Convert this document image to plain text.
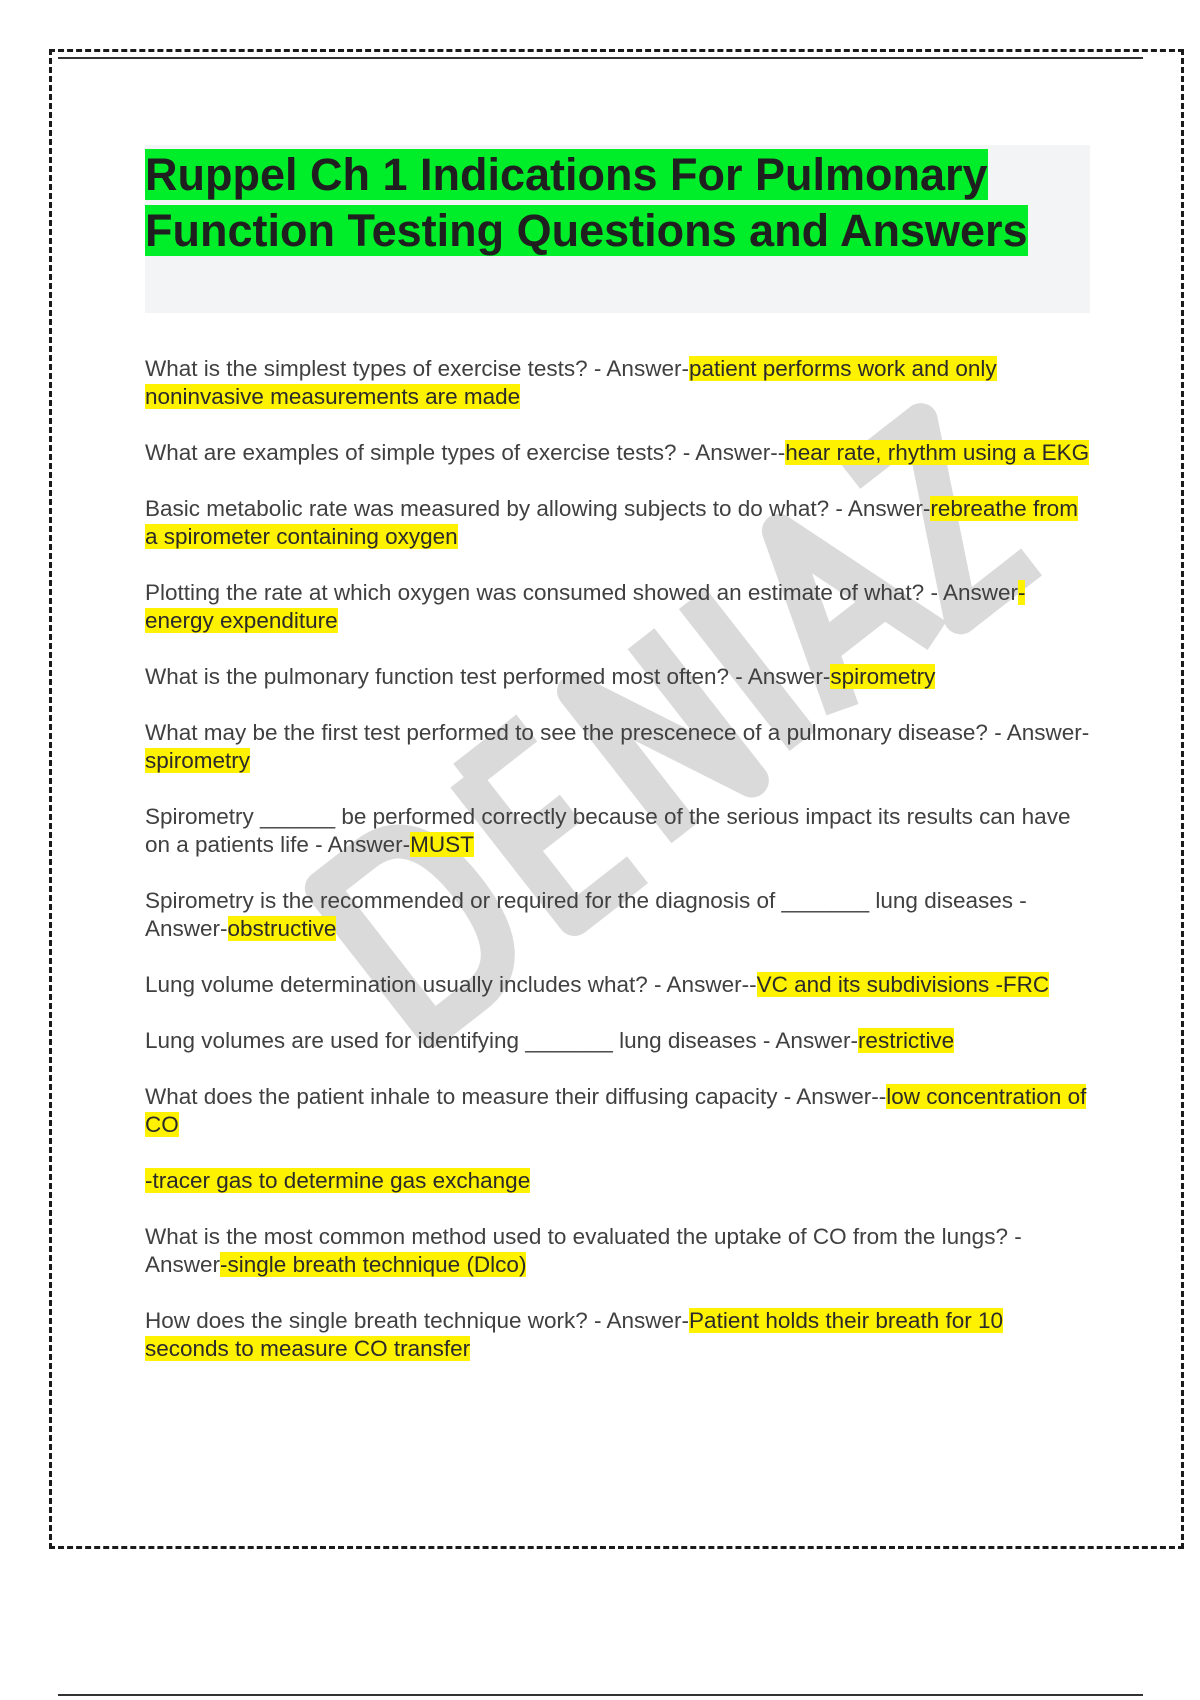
Ruppel Ch 1 Indications For Pulmonary Function Testing Questions and Answers

What is the simplest types of exercise tests? - Answer-patient performs work and only noninvasive measurements are made

What are examples of simple types of exercise tests? - Answer--hear rate, rhythm using a EKG

Basic metabolic rate was measured by allowing subjects to do what? - Answer-rebreathe from a spirometer containing oxygen

Plotting the rate at which oxygen was consumed showed an estimate of what? - Answer-energy expenditure

What is the pulmonary function test performed most often? - Answer-spirometry

What may be the first test performed to see the prescenece of a pulmonary disease? - Answer-spirometry

Spirometry ______ be performed correctly because of the serious impact its results can have on a patients life - Answer-MUST

Spirometry is the recommended or required for the diagnosis of _______ lung diseases - Answer-obstructive

Lung volume determination usually includes what? - Answer--VC and its subdivisions -FRC

Lung volumes are used for identifying _______ lung diseases - Answer-restrictive

What does the patient inhale to measure their diffusing capacity - Answer--low concentration of CO

-tracer gas to determine gas exchange

What is the most common method used to evaluated the uptake of CO from the lungs? - Answer-single breath technique (Dlco)

How does the single breath technique work? - Answer-Patient holds their breath for 10 seconds to measure CO transfer
